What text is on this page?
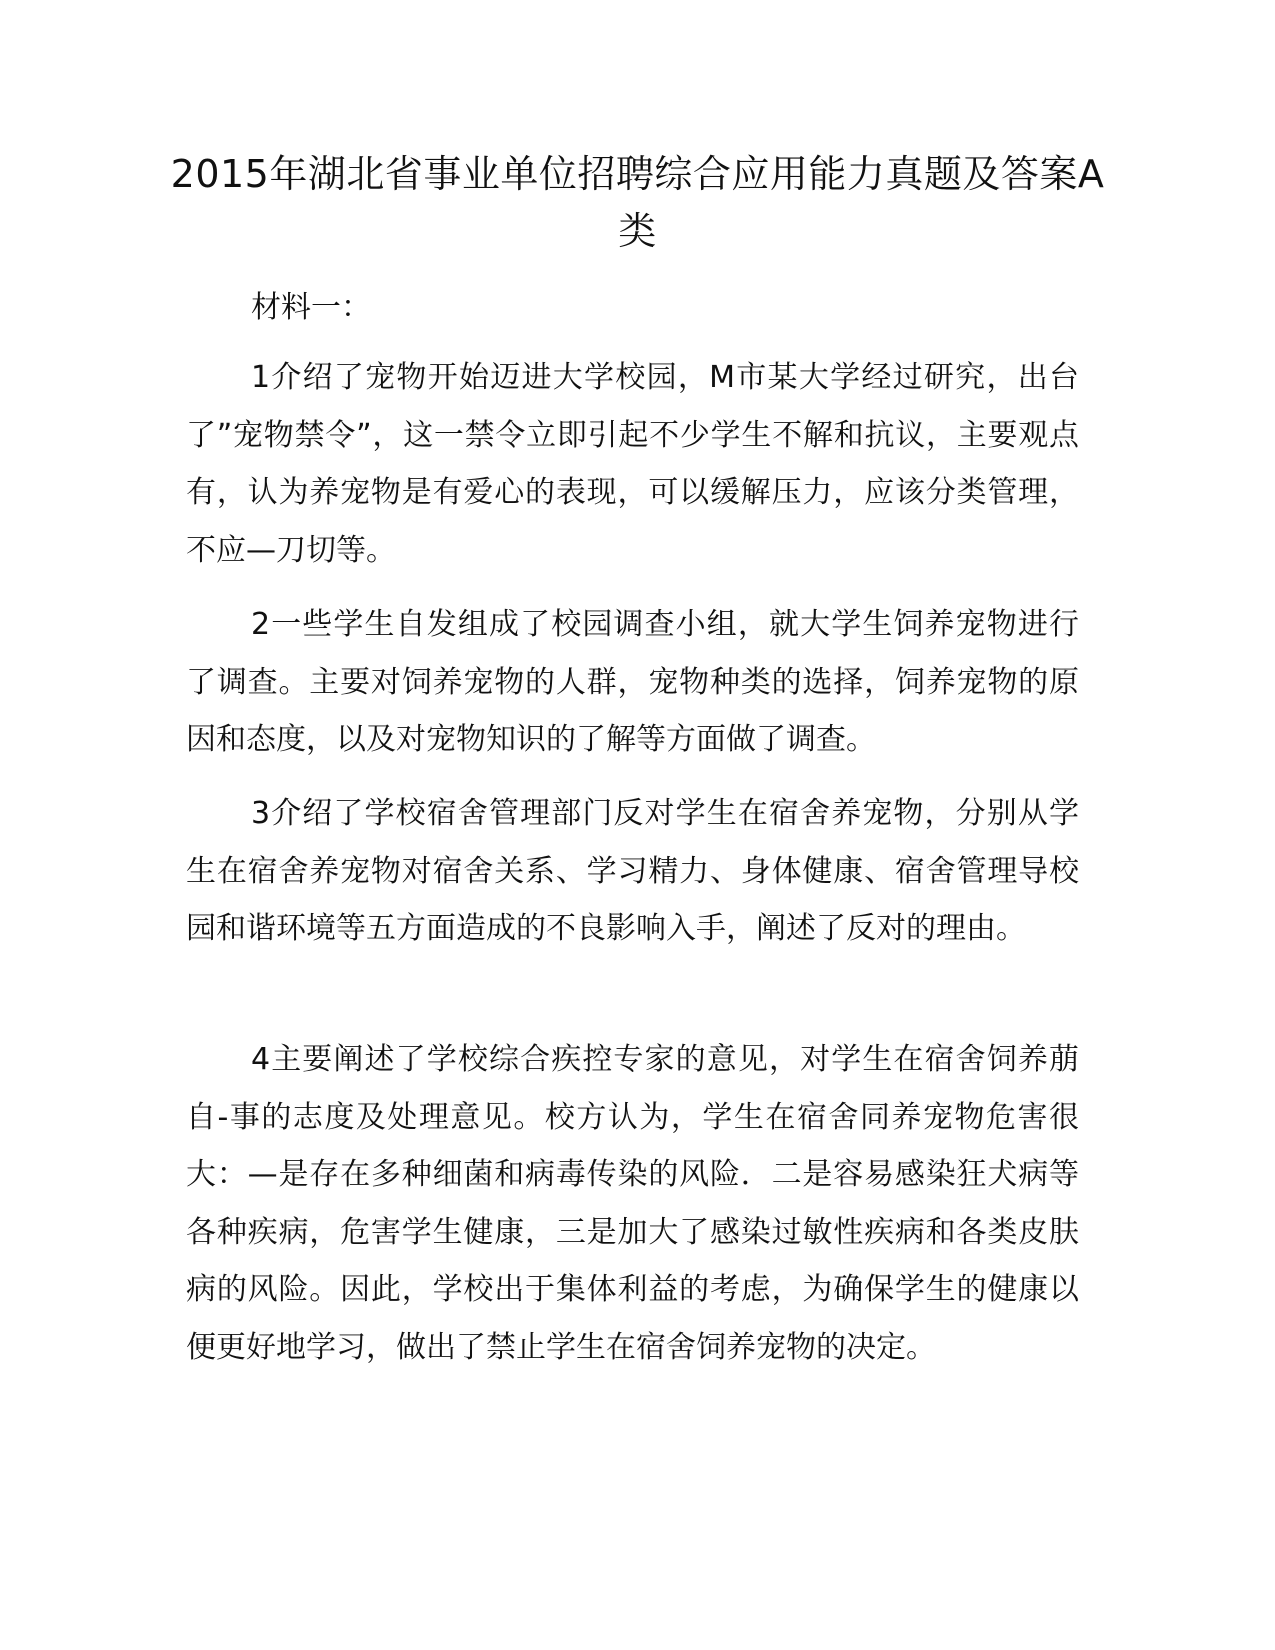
2015年湖北省事业单位招聘综合应用能力真题及答案A类

材料一：

1介绍了宠物开始迈进大学校园，M市某大学经过研究，出台了”宠物禁令”，这一禁令立即引起不少学生不解和抗议，主要观点有，认为养宠物是有爱心的表现，可以缓解压力，应该分类管理，不应—刀切等。

2一些学生自发组成了校园调查小组，就大学生饲养宠物进行了调查。主要对饲养宠物的人群，宠物种类的选择，饲养宠物的原因和态度，以及对宠物知识的了解等方面做了调查。

3介绍了学校宿舍管理部门反对学生在宿舍养宠物，分别从学生在宿舍养宠物对宿舍关系、学习精力、身体健康、宿舍管理导校园和谐环境等五方面造成的不良影响入手，阐述了反对的理由。

4主要阐述了学校综合疾控专家的意见，对学生在宿舍饲养萠自-事的志度及处理意见。校方认为，学生在宿舍同养宠物危害很大：—是存在多种细菌和病毒传染的风险．二是容易感染狂犬病等各种疾病，危害学生健康，三是加大了感染过敏性疾病和各类皮肤病的风险。因此，学校出于集体利益的考虑，为确保学生的健康以便更好地学习，做出了禁止学生在宿舍饲养宠物的决定。
